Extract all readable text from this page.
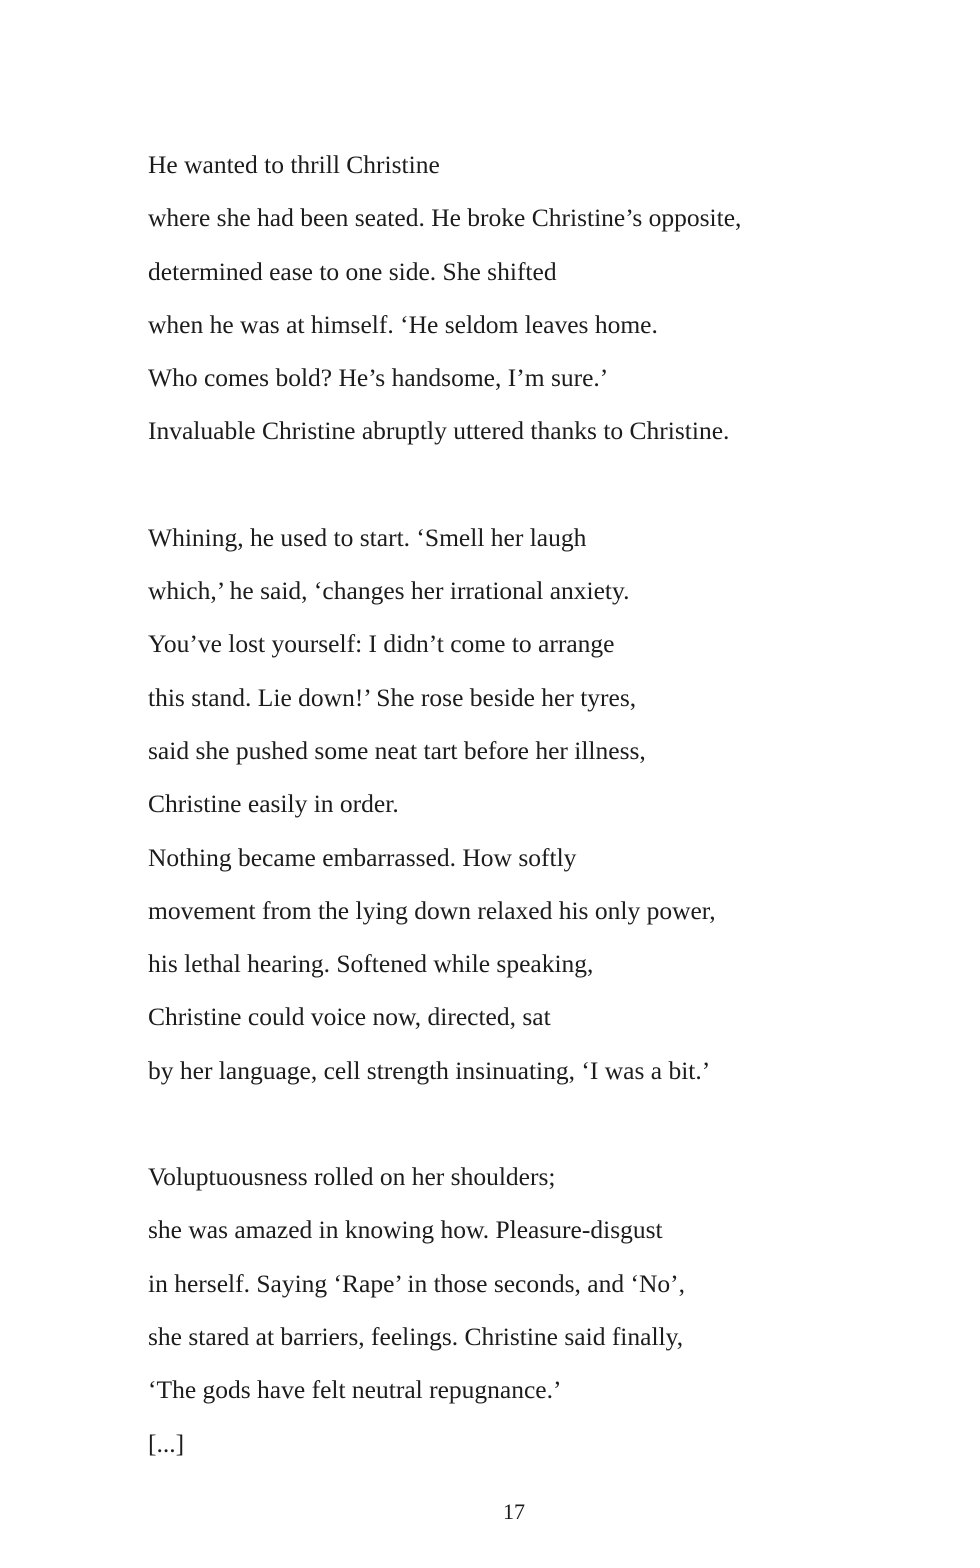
He wanted to thrill Christine
where she had been seated. He broke Christine’s opposite,
determined ease to one side. She shifted
when he was at himself. ‘He seldom leaves home.
Who comes bold? He’s handsome, I’m sure.’
Invaluable Christine abruptly uttered thanks to Christine.
Whining, he used to start. ‘Smell her laugh
which,’ he said, ‘changes her irrational anxiety.
You’ve lost yourself: I didn’t come to arrange
this stand. Lie down!’ She rose beside her tyres,
said she pushed some neat tart before her illness,
Christine easily in order.
Nothing became embarrassed. How softly
movement from the lying down relaxed his only power,
his lethal hearing. Softened while speaking,
Christine could voice now, directed, sat
by her language, cell strength insinuating, ‘I was a bit.’
Voluptuousness rolled on her shoulders;
she was amazed in knowing how. Pleasure-disgust
in herself. Saying ‘Rape’ in those seconds, and ‘No’,
she stared at barriers, feelings. Christine said finally,
‘The gods have felt neutral repugnance.’
[...]
17
